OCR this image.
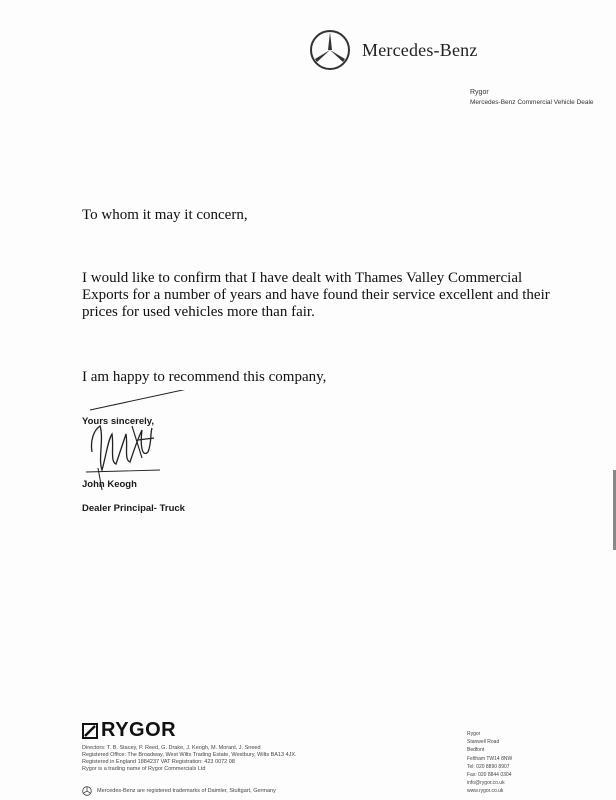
Mercedes-Benz
Rygor
Mercedes-Benz Commercial Vehicle Deale
To whom it may it concern,
I would like to confirm that I have dealt with Thames Valley Commercial Exports for a number of years and have found their service excellent and their prices for used vehicles more than fair.
I am happy to recommend this company,
Yours sincerely,
John Keogh
Dealer Principal- Truck
RYGOR
Directors: T. B. Stacey, P. Reed, G. Drake, J. Keogh, M. Morant, J. Sneed
Registered Office: The Broadway, West Wilts Trading Estate, Westbury, Wilts BA13 4JX.
Registered in England 1884237 VAT Registration: 423 0072 08
Rygor is a trading name of Rygor Commercials Ltd
Mercedes-Benz are registered trademarks of Daimler, Stuttgart, Germany
Rygor
Stanwell Road
Bedfont
Feltham TW14 8NW
Tel: 020 8890 8907
Fax: 020 8844 0304
info@rygor.co.uk
www.rygor.co.uk
